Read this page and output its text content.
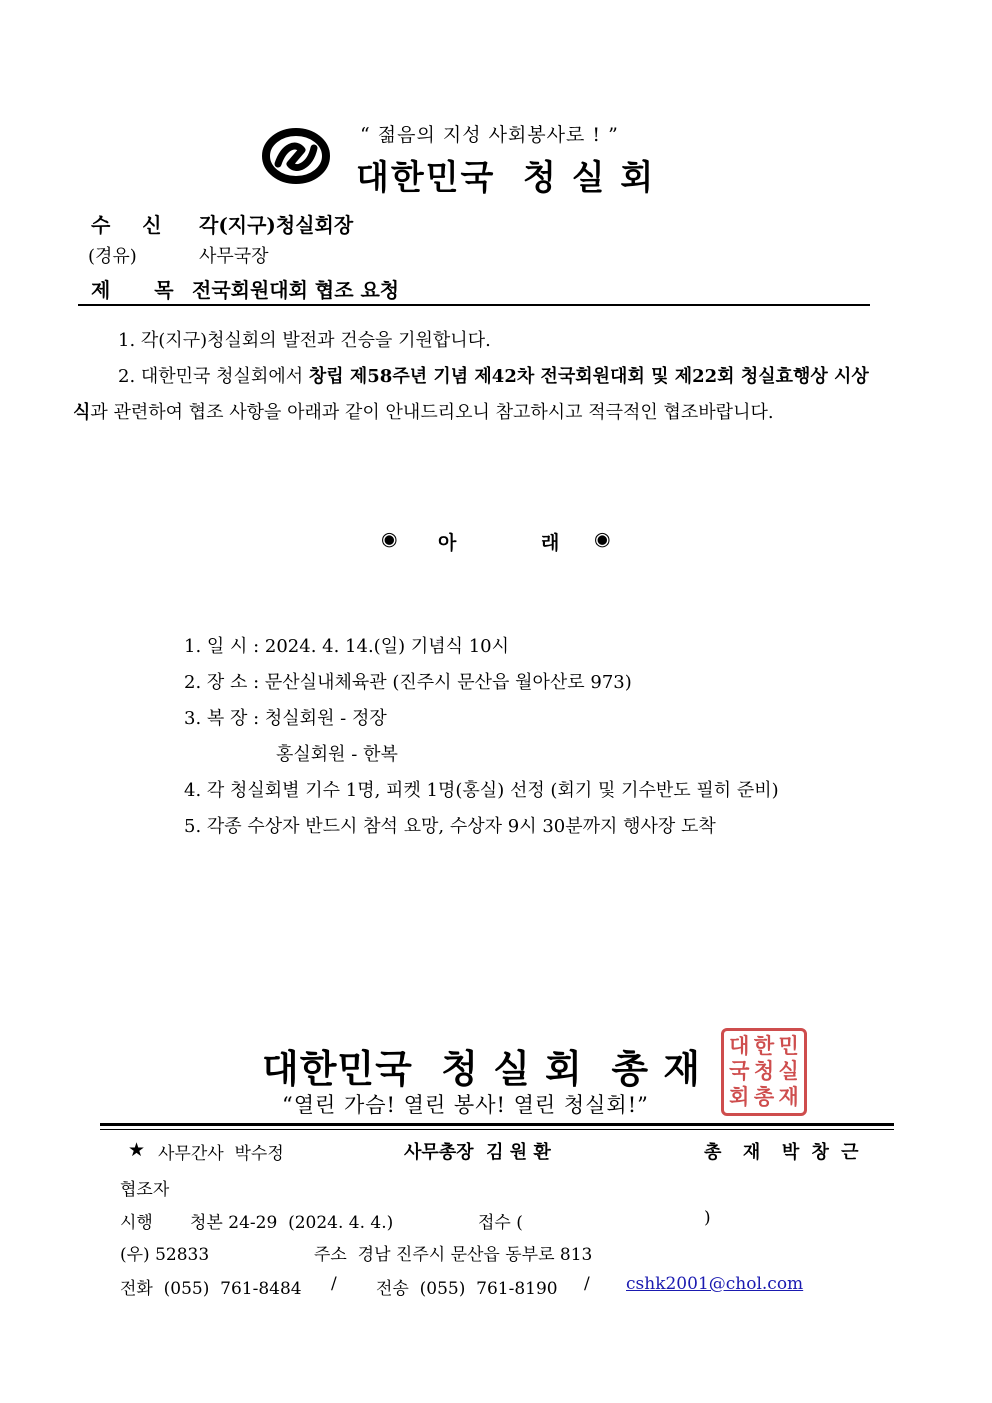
“ 젊음의 지성 사회봉사로 ! ”
대한민국  청 실 회
수  신 각(지구)청실회장
(경유)	사무국장
제  목 전국회원대회 협조 요청
1. 각(지구)청실회의 발전과 건승을 기원합니다.
2. 대한민국 청실회에서 창립 제58주년 기념 제42차 전국회원대회 및 제22회 청실효행상 시상
식과 관련하여 협조 사항을 아래과 같이 안내드리오니 참고하시고 적극적인 협조바랍니다.
◉ 아	래 ◉
1. 일 시 : 2024. 4. 14.(일) 기념식 10시
2. 장 소 : 문산실내체육관 (진주시 문산읍 월아산로 973)
3. 복 장 : 청실회원 - 정장
홍실회원 - 한복
4. 각 청실회별 기수 1명, 피켓 1명(홍실) 선정 (회기 및 기수반도 필히 준비)
5. 각종 수상자 반드시 참석 요망, 수상자 9시 30분까지 행사장 도착
대한민국  청 실 회  총 재 대 한 민
국 청 실
회 총 재
“열린 가슴! 열린 봉사! 열린 청실회!”
★ 사무간사  박수정	사무총장  김 원 환	총  재  박 창 근
협조자
시행 청본 24-29  (2024. 4. 4.)	접수 (	)
(우) 52833	주소  경남 진주시 문산읍 동부로 813
전화  (055)  761-8484 / 전송  (055)  761-8190 / cshk2001@chol.com
